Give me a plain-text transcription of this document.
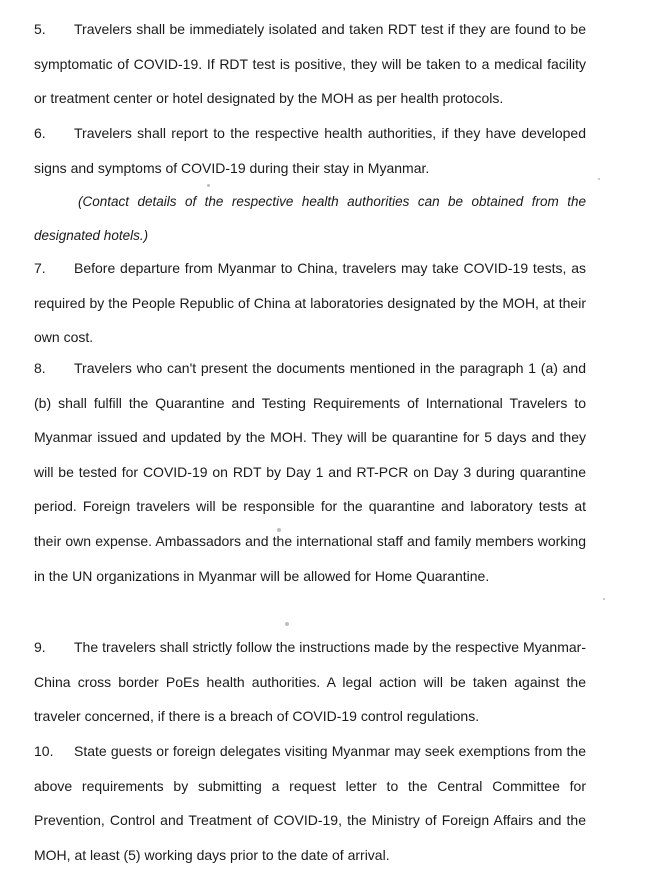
5. Travelers shall be immediately isolated and taken RDT test if they are found to be symptomatic of COVID-19. If RDT test is positive, they will be taken to a medical facility or treatment center or hotel designated by the MOH as per health protocols.
6. Travelers shall report to the respective health authorities, if they have developed signs and symptoms of COVID-19 during their stay in Myanmar.
(Contact details of the respective health authorities can be obtained from the designated hotels.)
7. Before departure from Myanmar to China, travelers may take COVID-19 tests, as required by the People Republic of China at laboratories designated by the MOH, at their own cost.
8. Travelers who can't present the documents mentioned in the paragraph 1 (a) and (b) shall fulfill the Quarantine and Testing Requirements of International Travelers to Myanmar issued and updated by the MOH. They will be quarantine for 5 days and they will be tested for COVID-19 on RDT by Day 1 and RT-PCR on Day 3 during quarantine period. Foreign travelers will be responsible for the quarantine and laboratory tests at their own expense. Ambassadors and the international staff and family members working in the UN organizations in Myanmar will be allowed for Home Quarantine.
9. The travelers shall strictly follow the instructions made by the respective Myanmar-China cross border PoEs health authorities. A legal action will be taken against the traveler concerned, if there is a breach of COVID-19 control regulations.
10. State guests or foreign delegates visiting Myanmar may seek exemptions from the above requirements by submitting a request letter to the Central Committee for Prevention, Control and Treatment of COVID-19, the Ministry of Foreign Affairs and the MOH, at least (5) working days prior to the date of arrival.
